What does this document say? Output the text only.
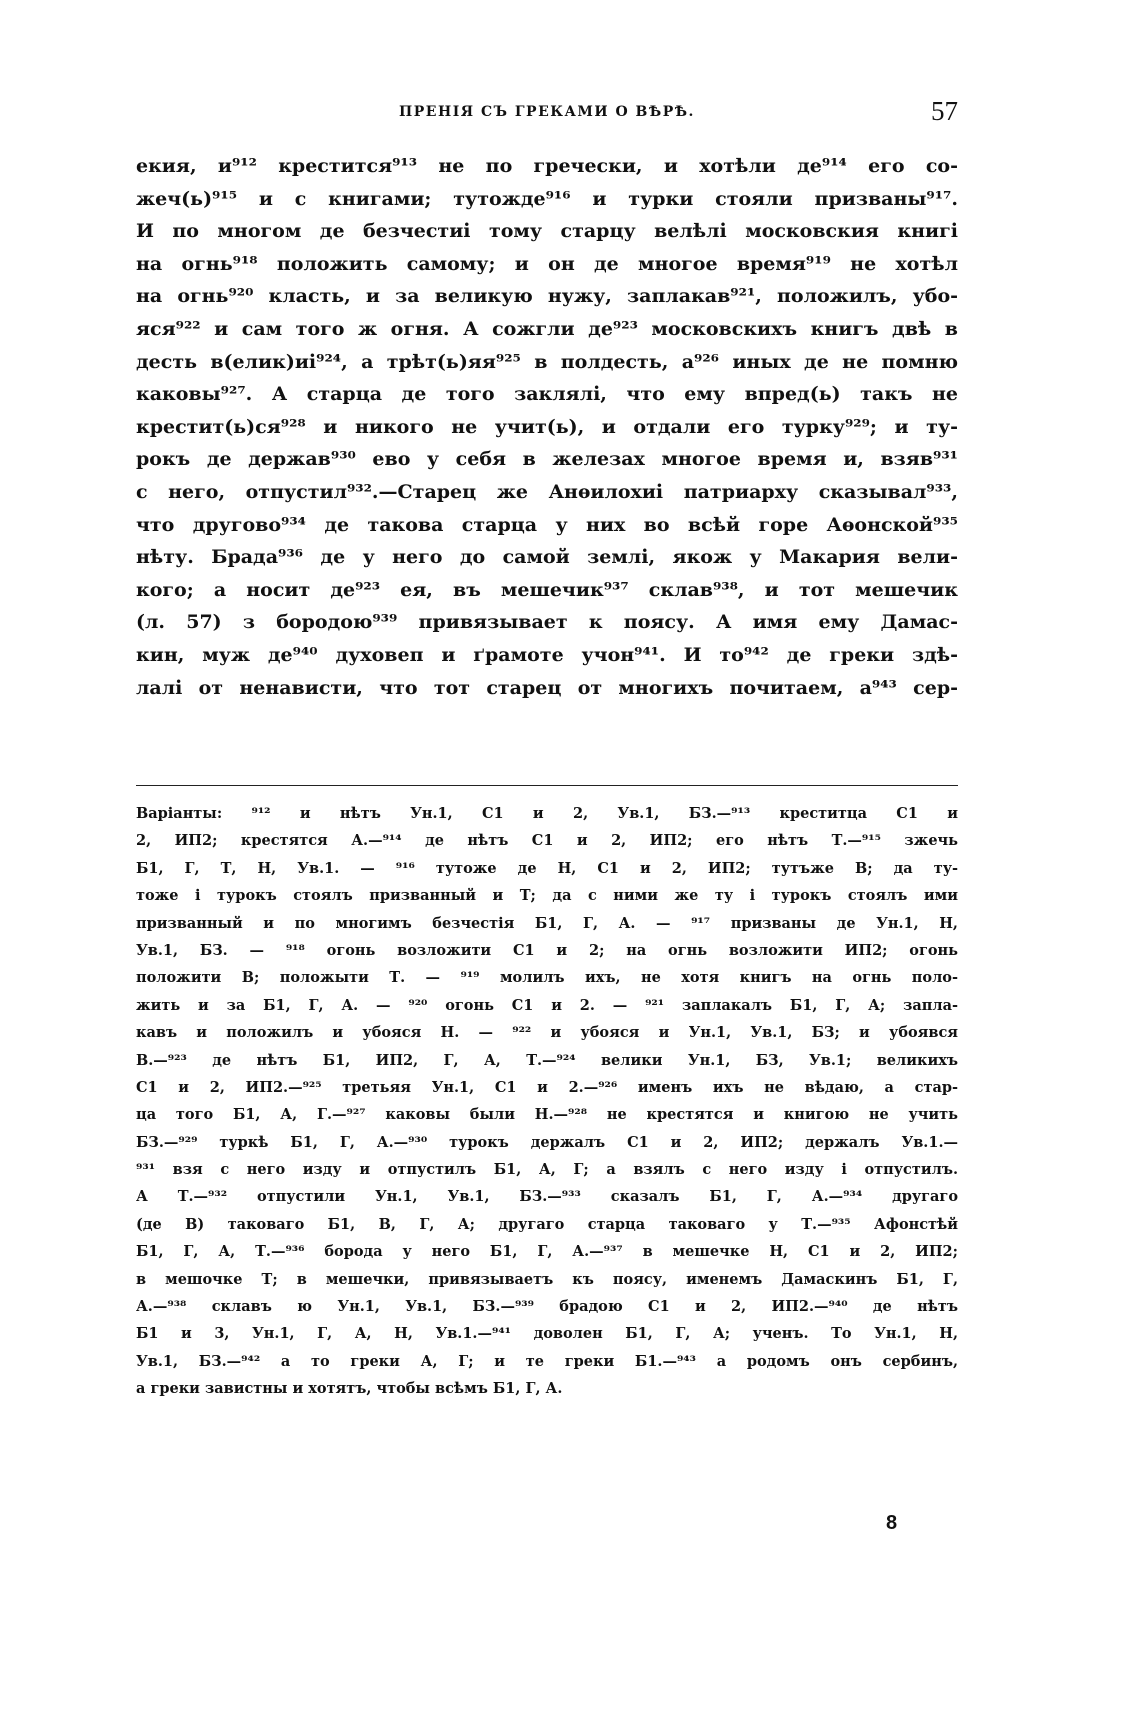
ПРЕНІЯ СЪ ГРЕКАМИ О ВѢРѢ.	57
екия, и⁹¹² крестится⁹¹³ не по гречески, и хотѣли де⁹¹⁴ его со-
жеч(ь)⁹¹⁵ и с книгами; тутожде⁹¹⁶ и турки стояли призваны⁹¹⁷.
И по многом де безчестиі тому старцу велѣлі московския книгі
на огнь⁹¹⁸ положить самому; и он де многое время⁹¹⁹ не хотѣл
на огнь⁹²⁰ класть, и за великую нужу, заплакав⁹²¹, положилъ, убо-
яся⁹²² и сам того ж огня. А сожгли де⁹²³ московскихъ книгъ двѣ в
десть в(елик)иі⁹²⁴, а трѣт(ь)яя⁹²⁵ в полдесть, а⁹²⁶ иных де не помню
каковы⁹²⁷. А старца де того заклялі, что ему впред(ь) такъ не
крестит(ь)ся⁹²⁸ и никого не учит(ь), и отдали его турку⁹²⁹; и ту-
рокъ де держав⁹³⁰ ево у себя в железах многое время и, взяв⁹³¹
с него, отпустил⁹³².—Старец же Анѳилохиі патриарху сказывал⁹³³,
что другово⁹³⁴ де такова старца у них во всѣй горе Аѳонской⁹³⁵
нѣту. Брада⁹³⁶ де у него до самой землі, якож у Макария вели-
кого; а носит де⁹²³ ея, въ мешечик⁹³⁷ склав⁹³⁸, и тот мешечик
(л. 57) з бородою⁹³⁹ привязывает к поясу. А имя ему Дамас-
кин, муж де⁹⁴⁰ духовеп и ґрамоте учон⁹⁴¹. И то⁹⁴² де греки здѣ-
лалі от ненависти, что тот старец от многихъ почитаем, а⁹⁴³ сер-
Варіанты: ⁹¹² и нѣтъ Ун.1, С1 и 2, Ув.1, БЗ.—⁹¹³ креститца С1 и
2, ИП2; крестятся А.—⁹¹⁴ де нѣтъ С1 и 2, ИП2; его нѣтъ Т.—⁹¹⁵ зжечь
Б1, Г, Т, Н, Ув.1. — ⁹¹⁶ тутоже де Н, С1 и 2, ИП2; тутъже В; да ту-
тоже і турокъ стоялъ призванный и Т; да с ними же ту і турокъ стоялъ ими
призванный и по многимъ безчестія Б1, Г, А. — ⁹¹⁷ призваны де Ун.1, Н,
Ув.1, БЗ. — ⁹¹⁸ огонь возложити С1 и 2; на огнь возложити ИП2; огонь
положити В; положыти Т. — ⁹¹⁹ молилъ ихъ, не хотя книгъ на огнь поло-
жить и за Б1, Г, А. — ⁹²⁰ огонь С1 и 2. — ⁹²¹ заплакалъ Б1, Г, А; запла-
кавъ и положилъ и убояся Н. — ⁹²² и убояся и Ун.1, Ув.1, БЗ; и убоявся
В.—⁹²³ де нѣтъ Б1, ИП2, Г, А, Т.—⁹²⁴ велики Ун.1, БЗ, Ув.1; великихъ
С1 и 2, ИП2.—⁹²⁵ третьяя Ун.1, С1 и 2.—⁹²⁶ именъ ихъ не вѣдаю, а стар-
ца того Б1, А, Г.—⁹²⁷ каковы были Н.—⁹²⁸ не крестятся и книгою не учить
БЗ.—⁹²⁹ туркѣ Б1, Г, А.—⁹³⁰ турокъ держалъ С1 и 2, ИП2; держалъ Ув.1.—
⁹³¹ взя с него изду и отпустилъ Б1, А, Г; а взялъ с него изду і отпустилъ.
А Т.—⁹³² отпустили Ун.1, Ув.1, БЗ.—⁹³³ сказалъ Б1, Г, А.—⁹³⁴ другаго
(де В) таковаго Б1, В, Г, А; другаго старца таковаго у Т.—⁹³⁵ Афонстѣй
Б1, Г, А, Т.—⁹³⁶ борода у него Б1, Г, А.—⁹³⁷ в мешечке Н, С1 и 2, ИП2;
в мешочке Т; в мешечки, привязываетъ къ поясу, именемъ Дамаскинъ Б1, Г,
А.—⁹³⁸ склавъ ю Ун.1, Ув.1, БЗ.—⁹³⁹ брадою С1 и 2, ИП2.—⁹⁴⁰ де нѣтъ
Б1 и 3, Ун.1, Г, А, Н, Ув.1.—⁹⁴¹ доволен Б1, Г, А; ученъ. То Ун.1, Н,
Ув.1, БЗ.—⁹⁴² а то греки А, Г; и те греки Б1.—⁹⁴³ а родомъ онъ сербинъ,
а греки завистны и хотятъ, чтобы всѣмъ Б1, Г, А.
8
